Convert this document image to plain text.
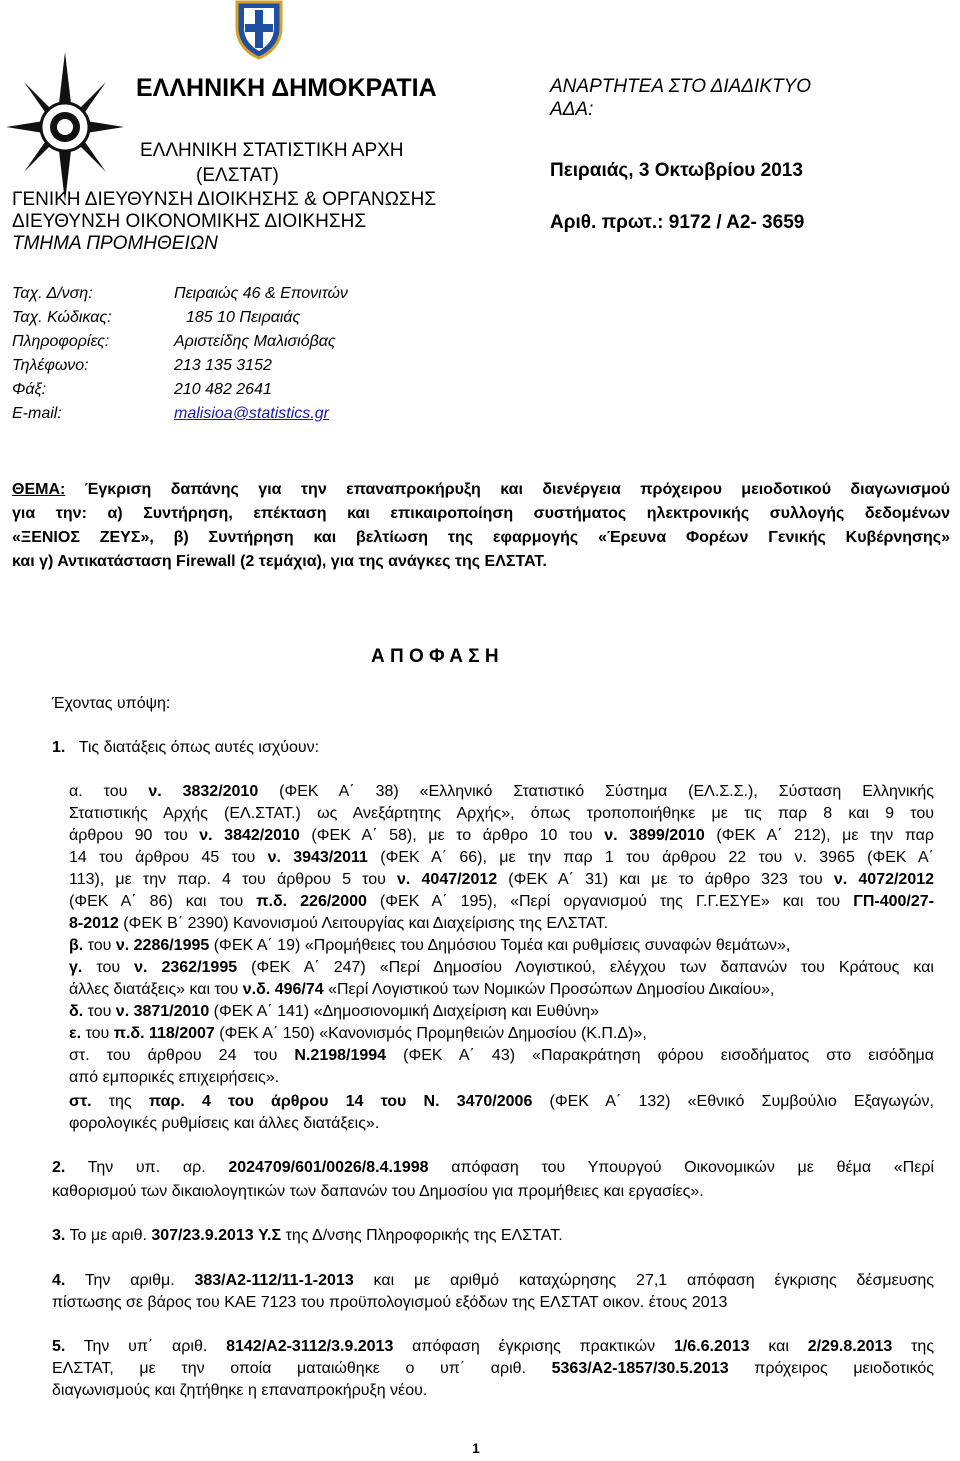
ΕΛΛΗΝΙΚΗ ΔΗΜΟΚΡΑΤΙΑ
ΕΛΛΗΝΙΚΗ ΣΤΑΤΙΣΤΙΚΗ ΑΡΧΗ
(ΕΛΣΤΑΤ)
ΓΕΝΙΚΗ ΔΙΕΥΘΥΝΣΗ ΔΙΟΙΚΗΣΗΣ & ΟΡΓΑΝΩΣΗΣ
ΔΙΕΥΘΥΝΣΗ ΟΙΚΟΝΟΜΙΚΗΣ ΔΙΟΙΚΗΣΗΣ
ΤΜΗΜΑ ΠΡΟΜΗΘΕΙΩΝ
ΑΝΑΡΤΗΤΕΑ ΣΤΟ ΔΙΑΔΙΚΤΥΟ
ΑΔΑ:
Πειραιάς, 3 Οκτωβρίου 2013
Αριθ. πρωτ.: 9172 / Α2- 3659
Ταχ. Δ/νση:	Πειραιώς 46 & Επονιτών
Ταχ. Κώδικας:	185 10 Πειραιάς
Πληροφορίες:	Αριστείδης Μαλισιόβας
Τηλέφωνο:	213 135 3152
Φάξ:	210 482 2641
E-mail:	malisioa@statistics.gr
ΘΕΜΑ: Έγκριση δαπάνης για την επαναπροκήρυξη και διενέργεια πρόχειρου μειοδοτικού διαγωνισμού
για την: α) Συντήρηση, επέκταση και επικαιροποίηση συστήματος ηλεκτρονικής συλλογής δεδομένων
«ΞΕΝΙΟΣ ΖΕΥΣ», β) Συντήρηση και βελτίωση της εφαρμογής «Έρευνα Φορέων Γενικής Κυβέρνησης»
και γ) Αντικατάσταση Firewall (2 τεμάχια), για της ανάγκες της ΕΛΣΤΑΤ.
Α Π Ο Φ Α Σ Η
Έχοντας υπόψη:
1. Τις διατάξεις όπως αυτές ισχύουν:
α. του ν. 3832/2010 (ΦΕΚ Α΄ 38) «Ελληνικό Στατιστικό Σύστημα (ΕΛ.Σ.Σ.), Σύσταση Ελληνικής
Στατιστικής Αρχής (ΕΛ.ΣΤΑΤ.) ως Ανεξάρτητης Αρχής», όπως τροποποιήθηκε με τις παρ 8 και 9 του
άρθρου 90 του ν. 3842/2010 (ΦΕΚ Α΄ 58), με το άρθρο 10 του ν. 3899/2010 (ΦΕΚ Α΄ 212), με την παρ
14 του άρθρου 45 του ν. 3943/2011 (ΦΕΚ Α΄ 66), με την παρ 1 του άρθρου 22 του ν. 3965 (ΦΕΚ Α΄
113), με την παρ. 4 του άρθρου 5 του ν. 4047/2012 (ΦΕΚ Α΄ 31) και με το άρθρο 323 του ν. 4072/2012
(ΦΕΚ Α΄ 86) και του π.δ. 226/2000 (ΦΕΚ Α΄ 195), «Περί οργανισμού της Γ.Γ.ΕΣΥΕ» και του ΓΠ-400/27-
8-2012 (ΦΕΚ Β΄ 2390) Κανονισμού Λειτουργίας και Διαχείρισης της ΕΛΣΤΑΤ.
β. του ν. 2286/1995 (ΦΕΚ Α΄ 19) «Προμήθειες του Δημόσιου Τομέα και ρυθμίσεις συναφών θεμάτων»,
γ. του ν. 2362/1995 (ΦΕΚ Α΄ 247) «Περί Δημοσίου Λογιστικού, ελέγχου των δαπανών του Κράτους και
άλλες διατάξεις» και του ν.δ. 496/74 «Περί Λογιστικού των Νομικών Προσώπων Δημοσίου Δικαίου»,
δ. του ν. 3871/2010 (ΦΕΚ Α΄ 141) «Δημοσιονομική Διαχείριση και Ευθύνη»
ε. του π.δ. 118/2007 (ΦΕΚ Α΄ 150) «Κανονισμός Προμηθειών Δημοσίου (Κ.Π.Δ)»,
στ. του άρθρου 24 του Ν.2198/1994 (ΦΕΚ Α΄ 43) «Παρακράτηση φόρου εισοδήματος στο εισόδημα
από εμπορικές επιχειρήσεις».
στ. της παρ. 4 του άρθρου 14 του Ν. 3470/2006 (ΦΕΚ Α΄ 132) «Εθνικό Συμβούλιο Εξαγωγών,
φορολογικές ρυθμίσεις και άλλες διατάξεις».
2. Την υπ. αρ. 2024709/601/0026/8.4.1998 απόφαση του Υπουργού Οικονομικών με θέμα «Περί
καθορισμού των δικαιολογητικών των δαπανών του Δημοσίου για προμήθειες και εργασίες».
3. Το με αριθ. 307/23.9.2013 Υ.Σ της Δ/νσης Πληροφορικής της ΕΛΣΤΑΤ.
4. Την αριθμ. 383/Α2-112/11-1-2013 και με αριθμό καταχώρησης 27,1 απόφαση έγκρισης δέσμευσης
πίστωσης σε βάρος του ΚΑΕ 7123 του προϋπολογισμού εξόδων της ΕΛΣΤΑΤ οικον. έτους 2013
5. Την υπ΄ αριθ. 8142/Α2-3112/3.9.2013 απόφαση έγκρισης πρακτικών 1/6.6.2013 και 2/29.8.2013 της
ΕΛΣΤΑΤ, με την οποία ματαιώθηκε ο υπ΄ αριθ. 5363/Α2-1857/30.5.2013 πρόχειρος μειοδοτικός
διαγωνισμούς και ζητήθηκε η επαναπροκήρυξη νέου.
1
